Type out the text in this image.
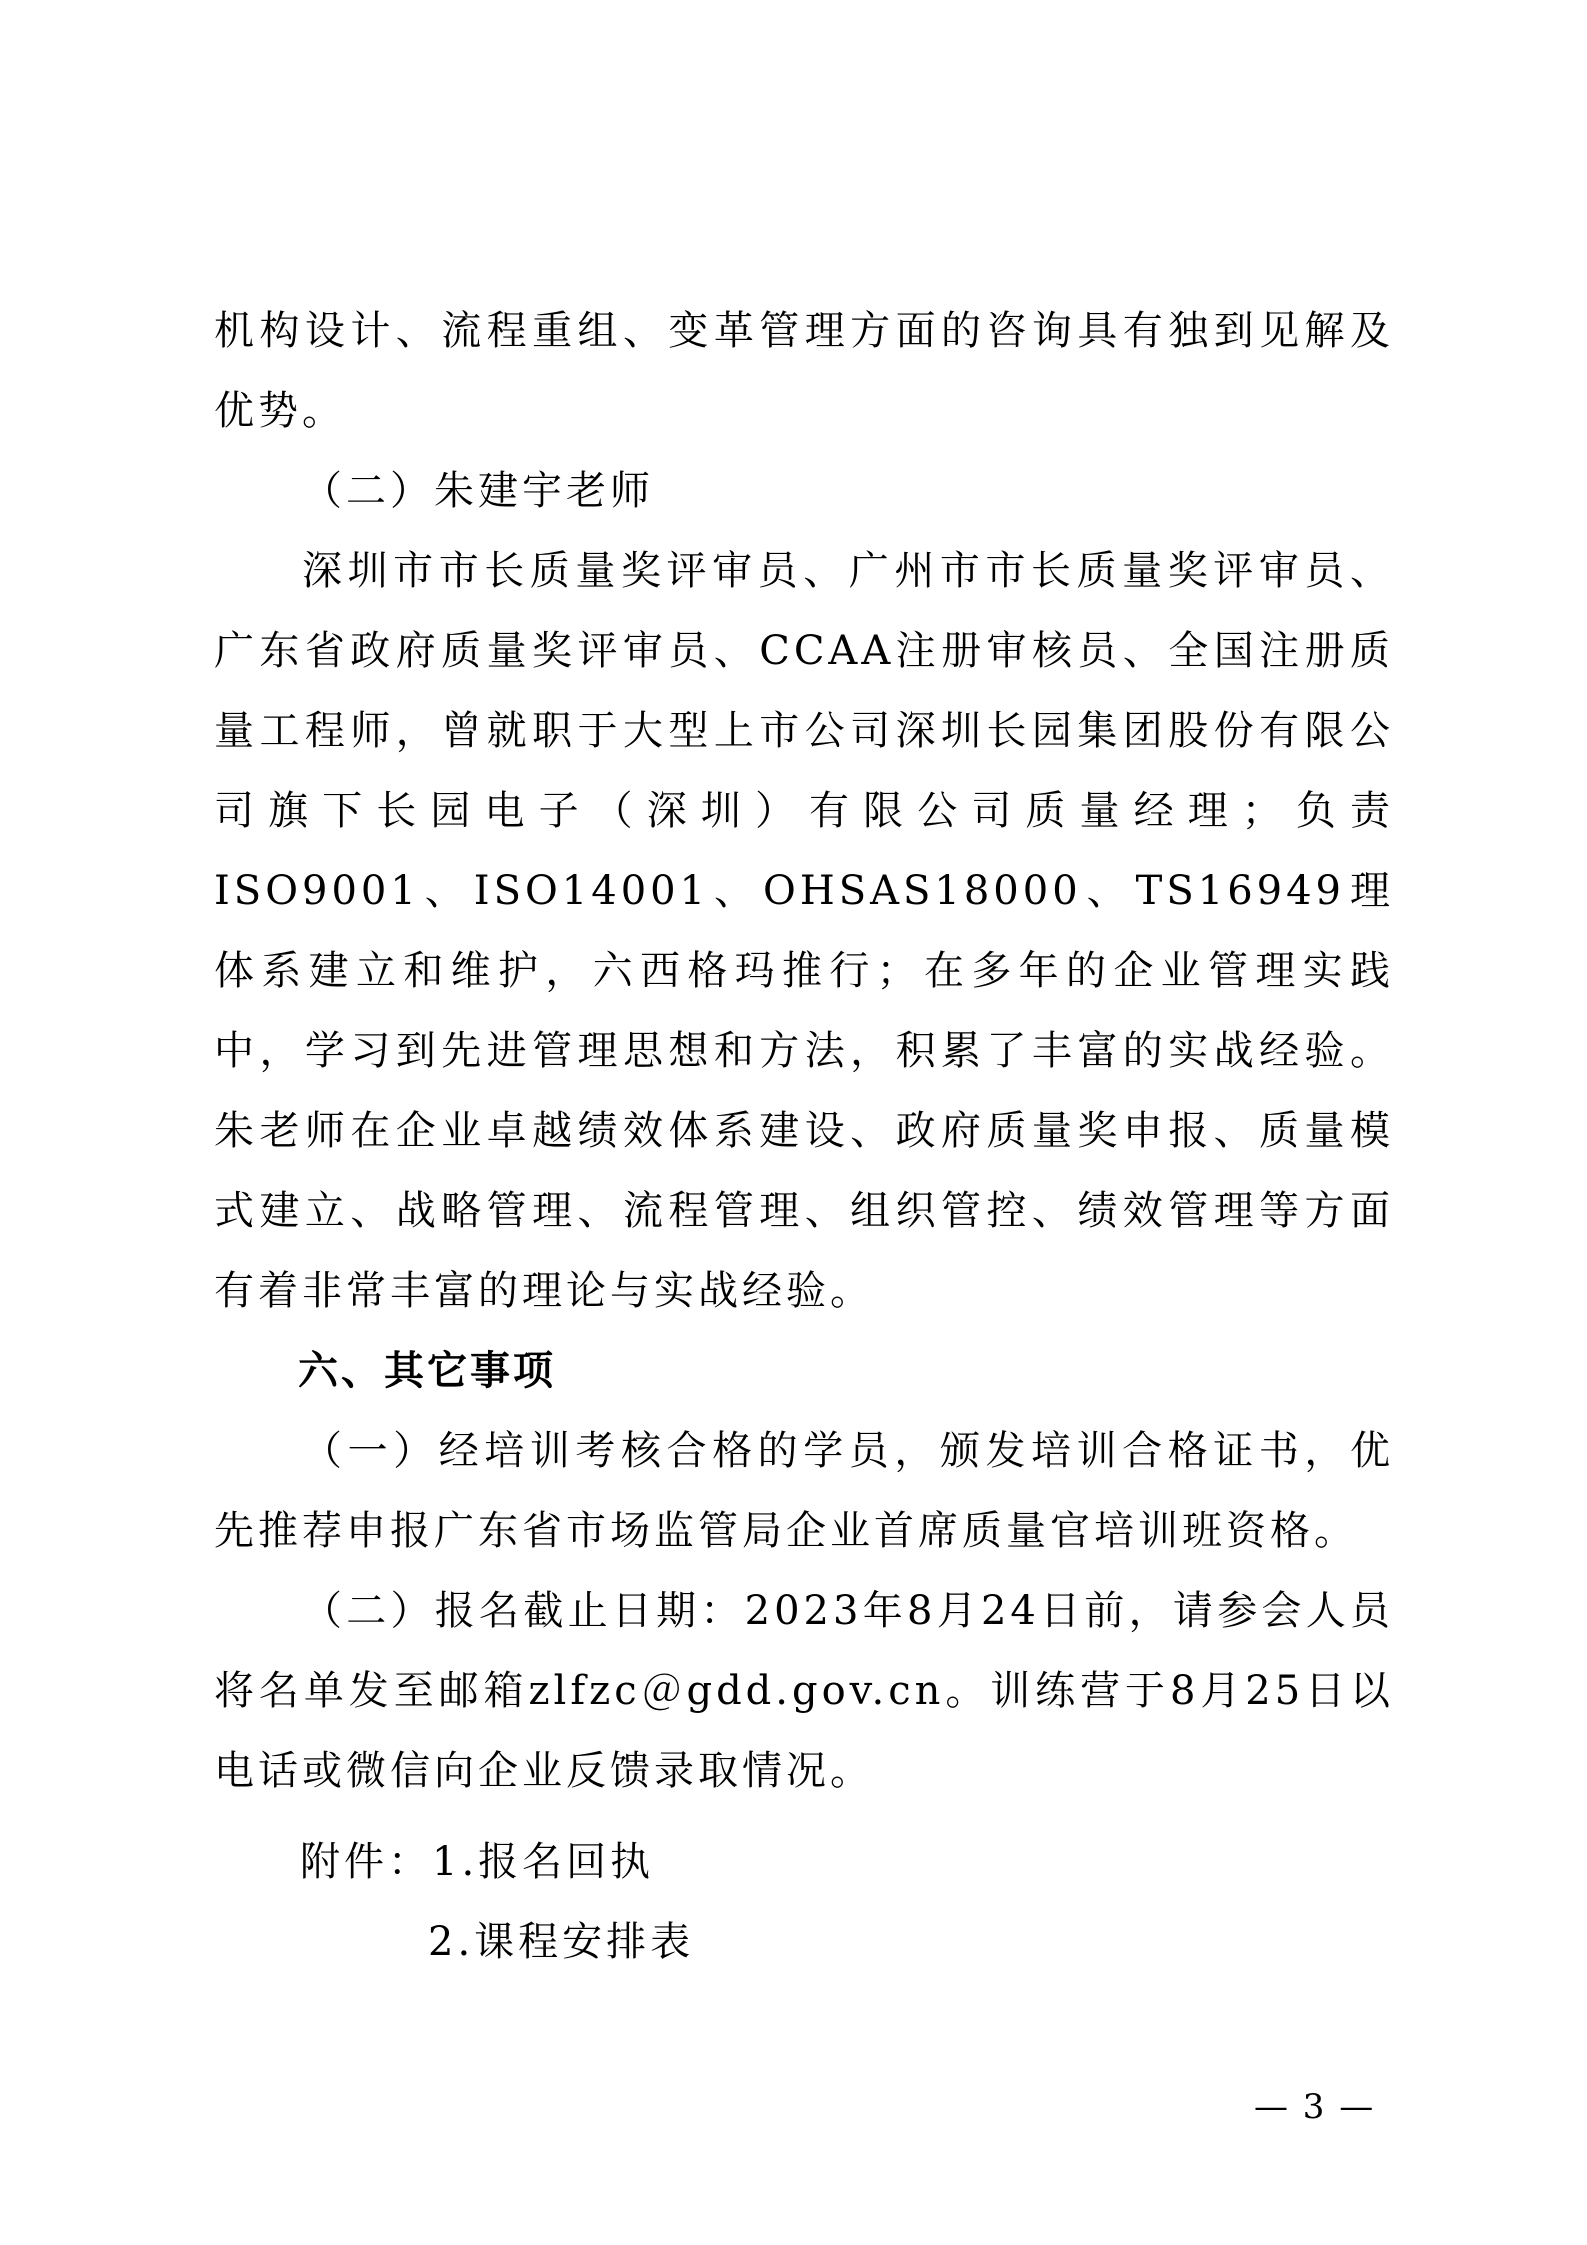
机构设计、流程重组、变革管理方面的咨询具有独到见解及优势。

（二）朱建宇老师

深圳市市长质量奖评审员、广州市市长质量奖评审员、广东省政府质量奖评审员、CCAA注册审核员、全国注册质量工程师，曾就职于大型上市公司深圳长园集团股份有限公司旗下长园电子（深圳）有限公司质量经理；负责ISO9001、ISO14001、OHSAS18000、TS16949理体系建立和维护，六西格玛推行；在多年的企业管理实践中，学习到先进管理思想和方法，积累了丰富的实战经验。朱老师在企业卓越绩效体系建设、政府质量奖申报、质量模式建立、战略管理、流程管理、组织管控、绩效管理等方面有着非常丰富的理论与实战经验。

六、其它事项

（一）经培训考核合格的学员，颁发培训合格证书，优先推荐申报广东省市场监管局企业首席质量官培训班资格。

（二）报名截止日期：2023年8月24日前，请参会人员将名单发至邮箱zlfzc＠gdd.gov.cn。训练营于8月25日以电话或微信向企业反馈录取情况。

附件：1.报名回执
2.课程安排表
— 3 —
